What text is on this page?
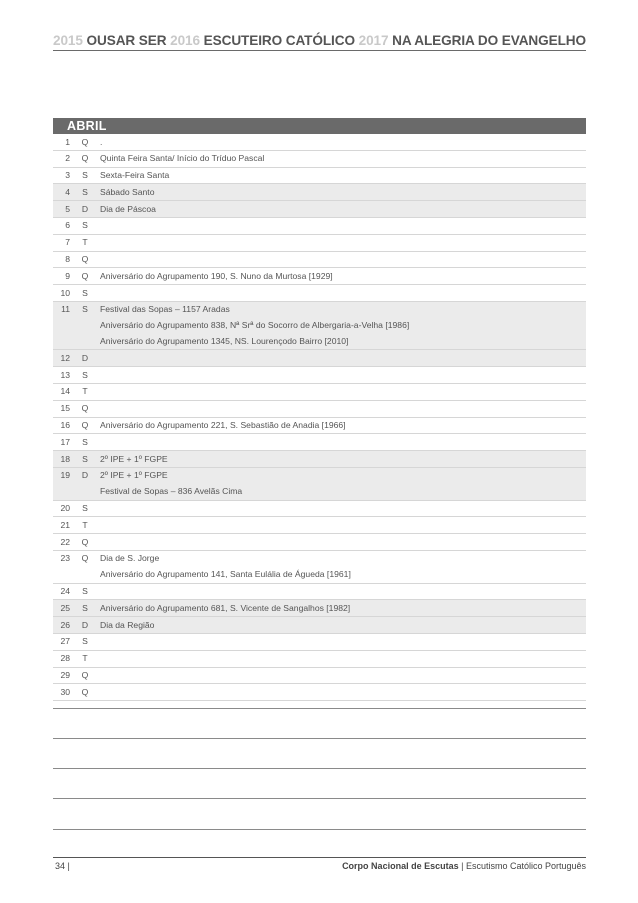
2015 OUSAR SER 2016 ESCUTEIRO CATÓLICO 2017 NA ALEGRIA DO EVANGELHO
ABRIL
1	Q	.
2	Q	Quinta Feira Santa/ Início do Tríduo Pascal
3	S	Sexta-Feira Santa
4	S	Sábado Santo
5	D	Dia de Páscoa
6	S

7	T

8	Q

9	Q	Aniversário do Agrupamento 190, S. Nuno da Murtosa [1929]
10	S

11	S	Festival das Sopas – 1157 Aradas
Aniversário do Agrupamento 838, Nª Srª do Socorro de Albergaria-a-Velha [1986]
Aniversário do Agrupamento 1345, NS. Lourençodo Bairro [2010]
12	D

13	S

14	T

15	Q

16	Q	Aniversário do Agrupamento 221, S. Sebastião de Anadia [1966]
17	S

18	S	2º IPE + 1º FGPE
19	D	2º IPE + 1º FGPE
Festival de Sopas – 836 Avelãs Cima
20	S

21	T

22	Q

23	Q	Dia de S. Jorge
Aniversário do Agrupamento 141, Santa Eulália de Águeda [1961]
24	S

25	S	Aniversário do Agrupamento 681, S. Vicente de Sangalhos [1982]
26	D	Dia da Região
27	S

28	T

29	Q

30	Q

34 |	Corpo Nacional de Escutas | Escutismo Católico Português
